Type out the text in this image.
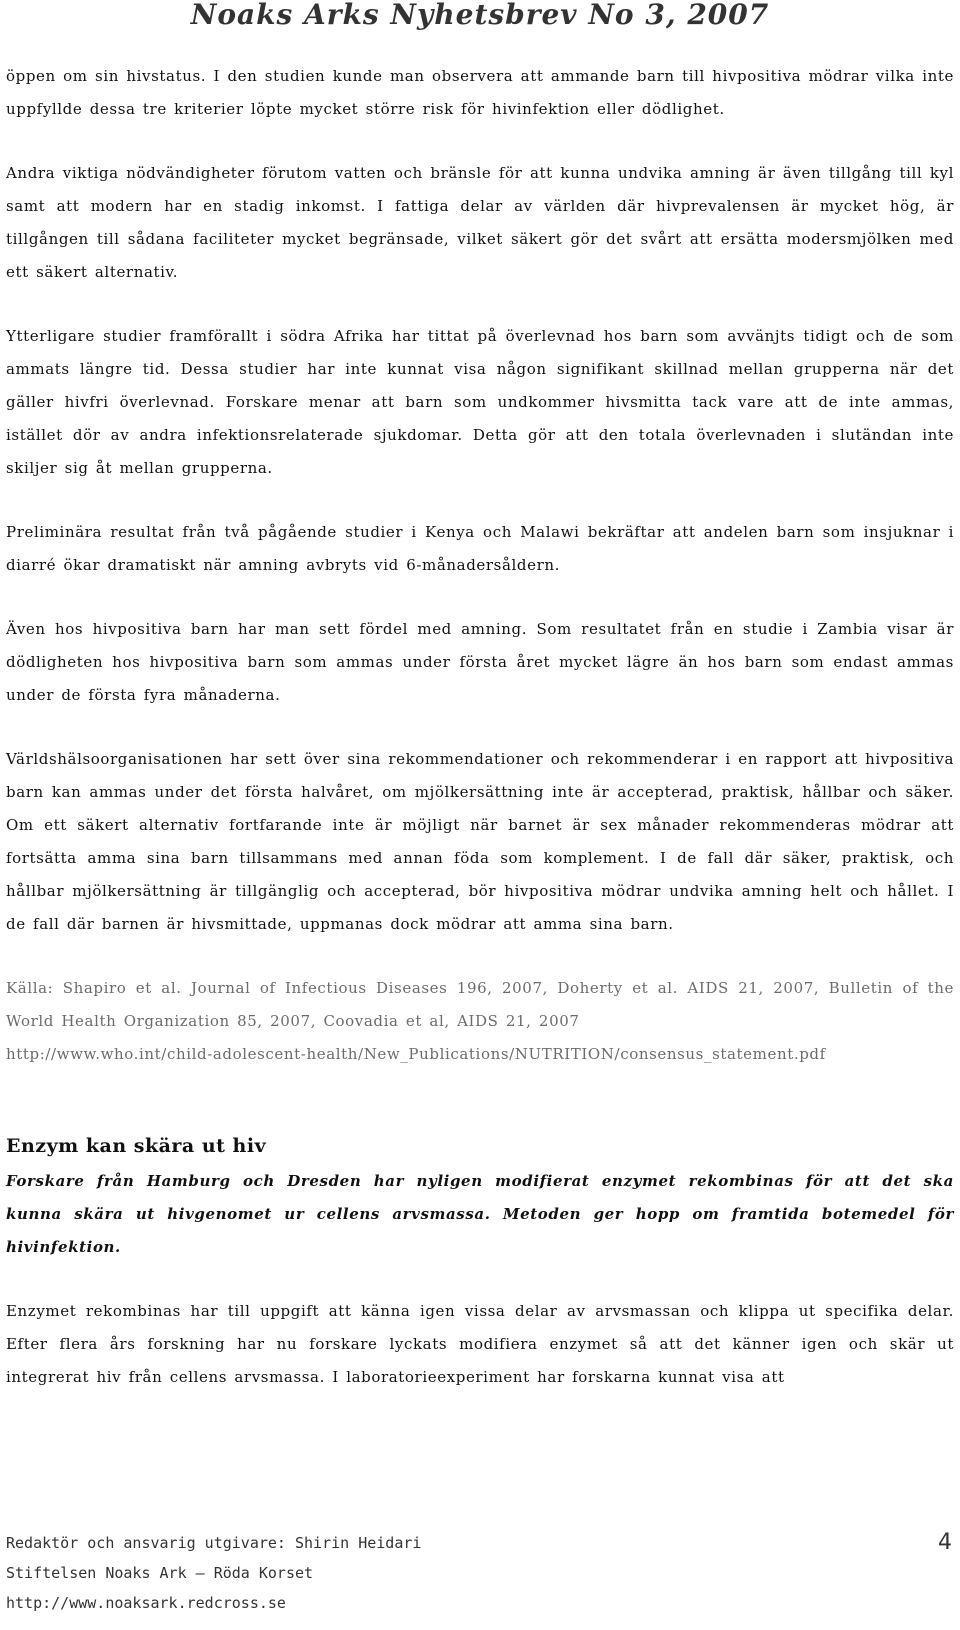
Noaks Arks Nyhetsbrev No 3, 2007

öppen om sin hivstatus. I den studien kunde man observera att ammande barn till hivpositiva mödrar vilka inte uppfyllde dessa tre kriterier löpte mycket större risk för hivinfektion eller dödlighet.

Andra viktiga nödvändigheter förutom vatten och bränsle för att kunna undvika amning är även tillgång till kyl samt att modern har en stadig inkomst. I fattiga delar av världen där hivprevalensen är mycket hög, är tillgången till sådana faciliteter mycket begränsade, vilket säkert gör det svårt att ersätta modersmjölken med ett säkert alternativ.

Ytterligare studier framförallt i södra Afrika har tittat på överlevnad hos barn som avvänjts tidigt och de som ammats längre tid. Dessa studier har inte kunnat visa någon signifikant skillnad mellan grupperna när det gäller hivfri överlevnad. Forskare menar att barn som undkommer hivsmitta tack vare att de inte ammas, istället dör av andra infektionsrelaterade sjukdomar. Detta gör att den totala överlevnaden i slutändan inte skiljer sig åt mellan grupperna.

Preliminära resultat från två pågående studier i Kenya och Malawi bekräftar att andelen barn som insjuknar i diarré ökar dramatiskt när amning avbryts vid 6-månadersåldern.

Även hos hivpositiva barn har man sett fördel med amning. Som resultatet från en studie i Zambia visar är dödligheten hos hivpositiva barn som ammas under första året mycket lägre än hos barn som endast ammas under de första fyra månaderna.

Världshälsoorganisationen har sett över sina rekommendationer och rekommenderar i en rapport att hivpositiva barn kan ammas under det första halvåret, om mjölkersättning inte är accepterad, praktisk, hållbar och säker. Om ett säkert alternativ fortfarande inte är möjligt när barnet är sex månader rekommenderas mödrar att fortsätta amma sina barn tillsammans med annan föda som komplement. I de fall där säker, praktisk, och hållbar mjölkersättning är tillgänglig och accepterad, bör hivpositiva mödrar undvika amning helt och hållet. I de fall där barnen är hivsmittade, uppmanas dock mödrar att amma sina barn.

Källa: Shapiro et al. Journal of Infectious Diseases 196, 2007, Doherty et al. AIDS 21, 2007, Bulletin of the World Health Organization 85, 2007, Coovadia et al, AIDS 21, 2007

http://www.who.int/child-adolescent-health/New_Publications/NUTRITION/consensus_statement.pdf

Enzym kan skära ut hiv

Forskare från Hamburg och Dresden har nyligen modifierat enzymet rekombinas för att det ska kunna skära ut hivgenomet ur cellens arvsmassa. Metoden ger hopp om framtida botemedel för hivinfektion.

Enzymet rekombinas har till uppgift att känna igen vissa delar av arvsmassan och klippa ut specifika delar. Efter flera års forskning har nu forskare lyckats modifiera enzymet så att det känner igen och skär ut integrerat hiv från cellens arvsmassa. I laboratorieexperiment har forskarna kunnat visa att

Redaktör och ansvarig utgivare: Shirin Heidari
Stiftelsen Noaks Ark – Röda Korset
http://www.noaksark.redcross.se
4
